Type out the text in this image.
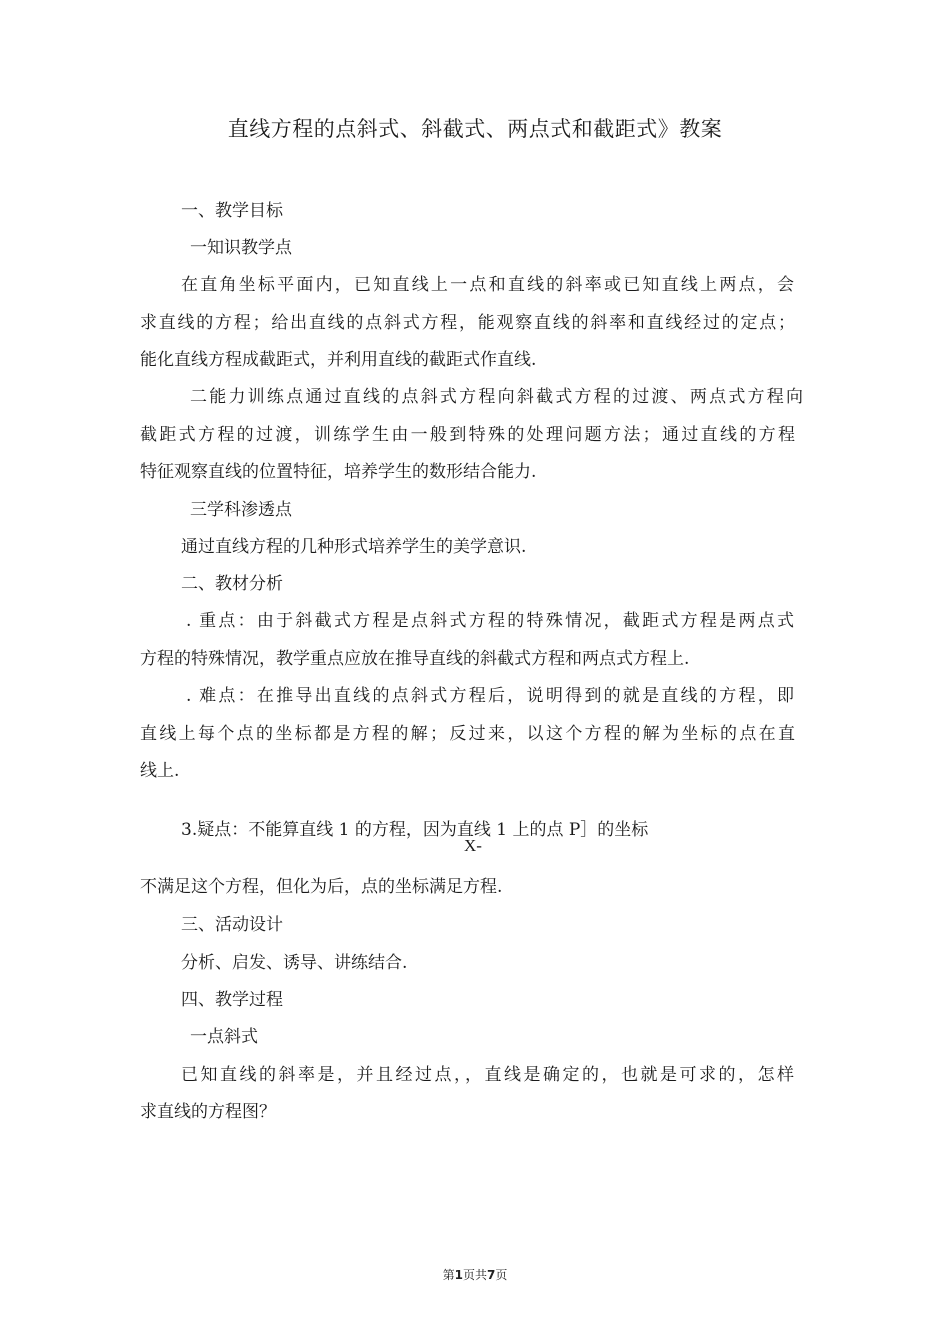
直线方程的点斜式、斜截式、两点式和截距式》教案
一、教学目标
一知识教学点
在直角坐标平面内，已知直线上一点和直线的斜率或已知直线上两点，会
求直线的方程；给出直线的点斜式方程，能观察直线的斜率和直线经过的定点；
能化直线方程成截距式，并利用直线的截距式作直线.
二能力训练点通过直线的点斜式方程向斜截式方程的过渡、两点式方程向
截距式方程的过渡，训练学生由一般到特殊的处理问题方法；通过直线的方程
特征观察直线的位置特征，培养学生的数形结合能力.
三学科渗透点
通过直线方程的几种形式培养学生的美学意识.
二、教材分析
. 重点：由于斜截式方程是点斜式方程的特殊情况，截距式方程是两点式
方程的特殊情况，教学重点应放在推导直线的斜截式方程和两点式方程上.
. 难点：在推导出直线的点斜式方程后，说明得到的就是直线的方程，即
直线上每个点的坐标都是方程的解；反过来，以这个方程的解为坐标的点在直
线上.
3.疑点：不能算直线 1 的方程，因为直线 1 上的点 P］的坐标
X-
不满足这个方程，但化为后，点的坐标满足方程.
三、活动设计
分析、启发、诱导、讲练结合.
四、教学过程
一点斜式
已知直线的斜率是，并且经过点，，直线是确定的，也就是可求的，怎样
求直线的方程图？
第1页共7页
